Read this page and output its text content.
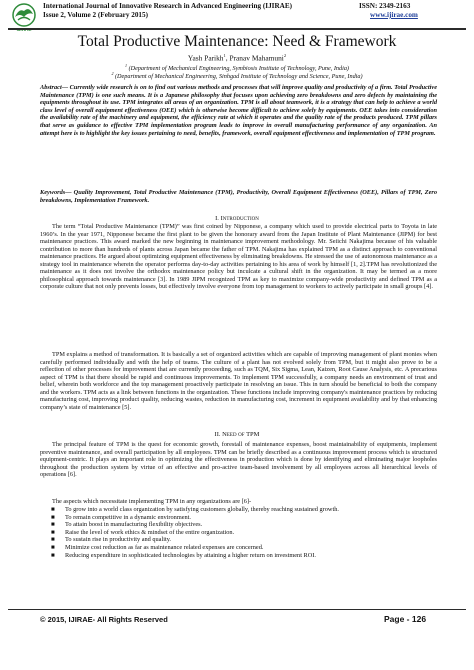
International Journal of Innovative Research in Advanced Engineering (IJIRAE)
Issue 2, Volume 2 (February 2015)
ISSN: 2349-2163
www.ijirae.com
Total Productive Maintenance: Need & Framework
Yash Parikh$^1$, Pranav Mahamuni$^2$
$^1$ (Department of Mechanical Engineering, Symbiosis Institute of Technology, Pune, India)
$^2$ (Department of Mechanical Engineering, Sinhgad Institute of Technology and Science, Pune, India)
Abstract— Currently wide research is on to find out various methods and processes that will improve quality and productivity of a firm. Total Productive Maintenance (TPM) is one such means. It is a Japanese philosophy that focuses upon achieving zero breakdowns and zero defects by maintaining the equipments throughout its use. TPM integrates all areas of an organization. TPM is all about teamwork, it is a strategy that can help to achieve a world class level of overall equipment effectiveness (OEE) which is otherwise become difficult to achieve solely by equipments. OEE takes into consideration the availability rate of the machinery and equipment, the efficiency rate at which it operates and the quality rate of the products produced. TPM pillars that serve as guidance to effective TPM implementation program leads to improve in overall manufacturing performance of any organization. An attempt here is to highlight the key issues pertaining to need, benefits, framework, overall equipment effectiveness and implementation of TPM program.
Keywords— Quality Improvement, Total Productive Maintenance (TPM), Productivity, Overall Equipment Effectiveness (OEE), Pillars of TPM, Zero breakdowns, Implementation Framework.
I. Introduction
The term “Total Productive Maintenance (TPM)” was first coined by Nipponese, a company which used to provide electrical parts to Toyota in late 1960’s. In the year 1971, Nipponese became the first plant to be given the honorary award from the Japan Institute of Plant Maintenance (JIPM) for best maintenance practices. This award marked the new beginning in maintenance improvement methodology. Mr. Seiichi Nakajima because of his valuable contribution to more than hundreds of plants across Japan became the father of TPM. Nakajima has explained TPM as a distinct approach to conventional maintenance practices. He argued about optimizing equipment effectiveness by eliminating breakdowns. He stressed the use of autonomous maintenance as a strategy tool in maintenance wherein the operator performs day-to-day activities pertaining to his area of work by himself [1, 2].TPM has revolutionized the maintenance as it does not involve the orthodox maintenance policy but inculcate a cultural shift in the organization. It may be termed as a more philosophical approach towards maintenance [3]. In 1989 JIPM recognized TPM as key to maximize company-wide productivity and defined TPM as a corporate culture that not only prevents losses, but effectively involve everyone from top management to workers to actively participate in small groups [4].
TPM explains a method of transformation. It is basically a set of organized activities which are capable of improving management of plant monies when carefully performed individually and with the help of teams. The culture of a plant has not evolved solely from TPM, but it might also prove to be a reflection of other processes for improvement that are currently proceeding, such as TQM, Six Sigma, Lean, Kaizen, Root Cause Analysis, etc. A precarious aspect of TPM is that there should be rapid and continuous improvements. To implement TPM successfully, a company needs an environment of trust and belief, wherein both workforce and the top management proactively participate in resolving an issue. This in turn should be beneficial to both the company and the workers. TPM acts as a link between functions in the organization. These functions include improving company's maintenance practices by reducing manufacturing cost, improving product quality, reducing wastes, reduction in manufacturing cost, increment in equipment availability and by that enhancing company’s state of maintenance [5].
II. Need of TPM
The principal feature of TPM is the quest for economic growth, forestall of maintenance expenses, boost maintainability of equipments, implement preventive maintenance, and overall participation by all employees. TPM can be briefly described as a continuous improvement process which is structured equipment-centric. It plays an important role in optimizing the effectiveness in production which is done by identifying and eliminating major loopholes throughout the production system by virtue of an effective and pro-active team-based involvement by all employees across all hierarchical levels of operations [6].
The aspects which necessitate implementing TPM in any organizations are [6]-
■ To grow into a world class organization by satisfying customers globally, thereby reaching sustained growth.
■ To remain competitive in a dynamic environment.
■ To attain boost in manufacturing flexibility objectives.
■ Raise the level of work ethics & mindset of the entire organization.
■ To sustain rise in productivity and quality.
■ Minimize cost reduction as far as maintenance related expenses are concerned.
■ Reducing expenditure in sophisticated technologies by attaining a higher return on investment ROI.
© 2015, IJIRAE- All Rights Reserved	Page - 126
